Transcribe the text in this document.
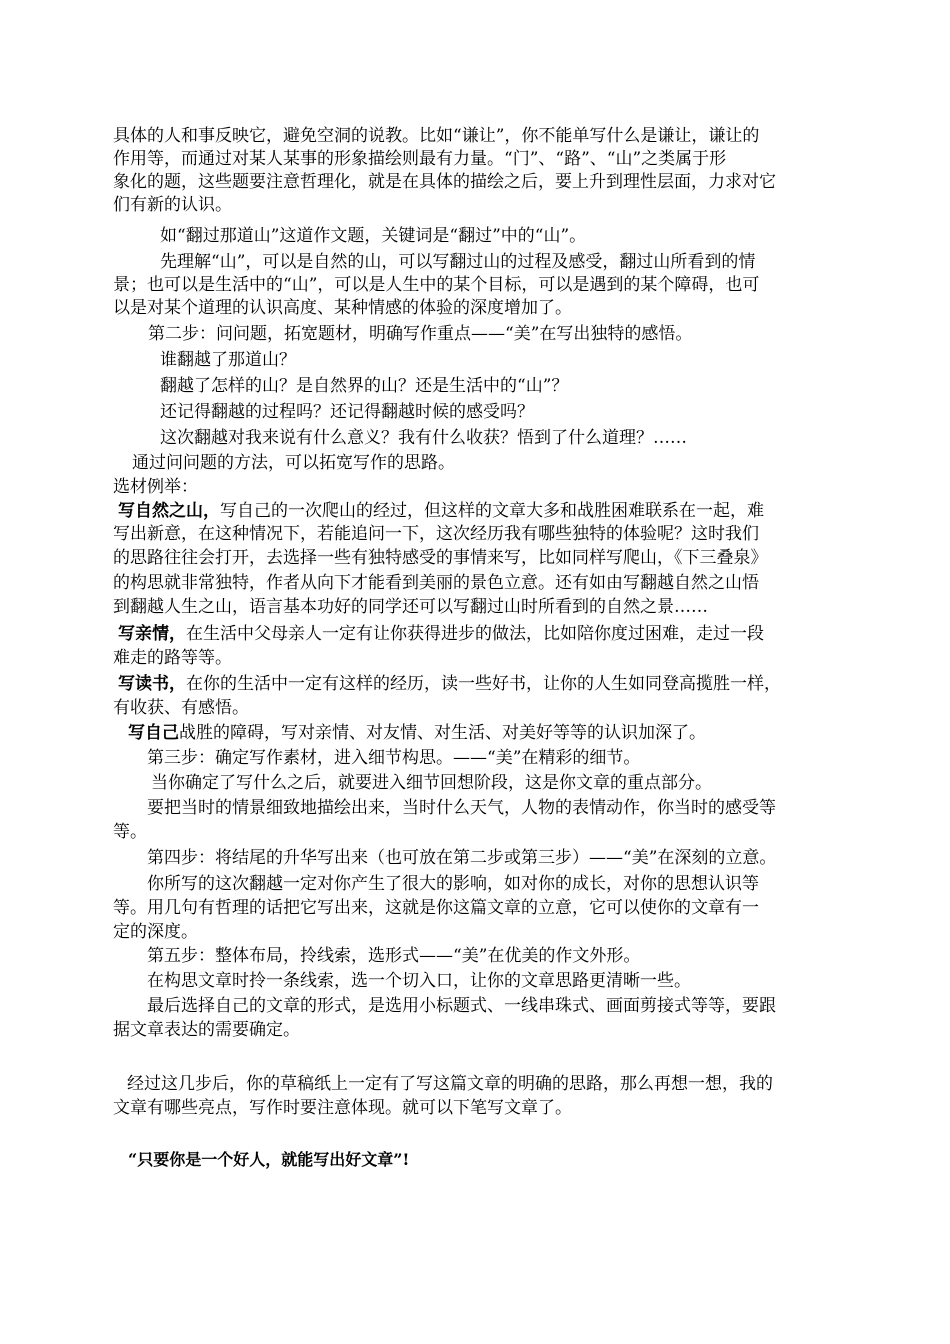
具体的人和事反映它，避免空洞的说教。比如“谦让”，你不能单写什么是谦让，谦让的
作用等，而通过对某人某事的形象描绘则最有力量。“门”、“路”、“山”之类属于形
象化的题，这些题要注意哲理化，就是在具体的描绘之后，要上升到理性层面，力求对它
们有新的认识。
如“翻过那道山”这道作文题，关键词是“翻过”中的“山”。
先理解“山”，可以是自然的山，可以写翻过山的过程及感受，翻过山所看到的情
景；也可以是生活中的“山”，可以是人生中的某个目标，可以是遇到的某个障碍，也可
以是对某个道理的认识高度、某种情感的体验的深度增加了。
第二步：问问题，拓宽题材，明确写作重点——“美”在写出独特的感悟。
谁翻越了那道山？
翻越了怎样的山？是自然界的山？还是生活中的“山”？
还记得翻越的过程吗？还记得翻越时候的感受吗？
这次翻越对我来说有什么意义？我有什么收获？悟到了什么道理？……
通过问问题的方法，可以拓宽写作的思路。
选材例举：
写自然之山，写自己的一次爬山的经过，但这样的文章大多和战胜困难联系在一起，难
写出新意，在这种情况下，若能追问一下，这次经历我有哪些独特的体验呢？这时我们
的思路往往会打开，去选择一些有独特感受的事情来写，比如同样写爬山，《下三叠泉》
的构思就非常独特，作者从向下才能看到美丽的景色立意。还有如由写翻越自然之山悟
到翻越人生之山，语言基本功好的同学还可以写翻过山时所看到的自然之景……
写亲情，在生活中父母亲人一定有让你获得进步的做法，比如陪你度过困难，走过一段
难走的路等等。
写读书，在你的生活中一定有这样的经历，读一些好书，让你的人生如同登高揽胜一样，
有收获、有感悟。
写自己战胜的障碍，写对亲情、对友情、对生活、对美好等等的认识加深了。
第三步：确定写作素材，进入细节构思。——“美”在精彩的细节。
当你确定了写什么之后，就要进入细节回想阶段，这是你文章的重点部分。
要把当时的情景细致地描绘出来，当时什么天气，人物的表情动作，你当时的感受等
等。
第四步：将结尾的升华写出来（也可放在第二步或第三步）——“美”在深刻的立意。
你所写的这次翻越一定对你产生了很大的影响，如对你的成长，对你的思想认识等
等。用几句有哲理的话把它写出来，这就是你这篇文章的立意，它可以使你的文章有一
定的深度。
第五步：整体布局，拎线索，选形式——“美”在优美的作文外形。
在构思文章时拎一条线索，选一个切入口，让你的文章思路更清晰一些。
最后选择自己的文章的形式，是选用小标题式、一线串珠式、画面剪接式等等，要跟
据文章表达的需要确定。
经过这几步后，你的草稿纸上一定有了写这篇文章的明确的思路，那么再想一想，我的
文章有哪些亮点，写作时要注意体现。就可以下笔写文章了。
“只要你是一个好人，就能写出好文章”!
